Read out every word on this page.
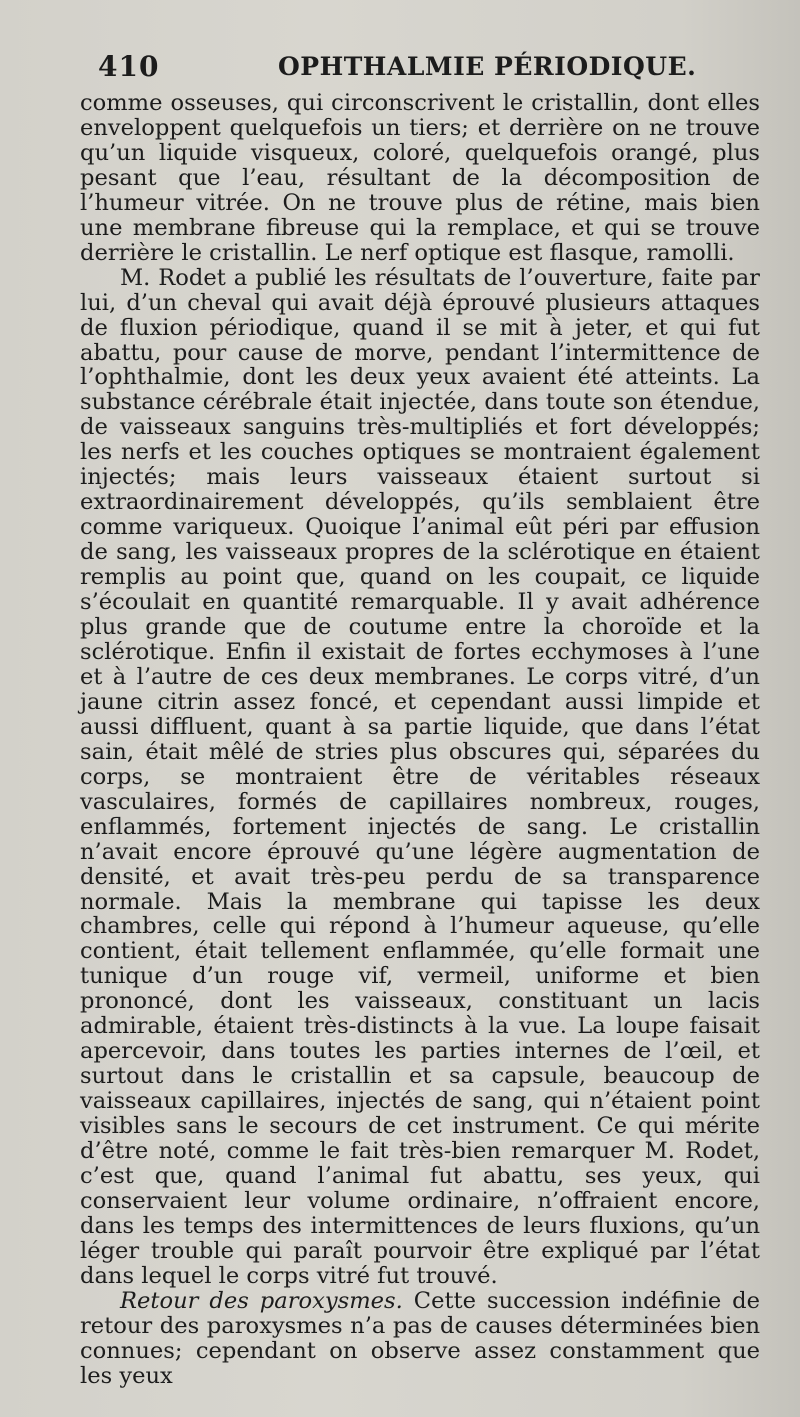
410	OPHTHALMIE PÉRIODIQUE.

comme osseuses, qui circonscrivent le cristallin, dont elles enveloppent quelquefois un tiers; et derrière on ne trouve qu’un liquide visqueux, coloré, quelquefois orangé, plus pesant que l’eau, résultant de la décomposition de l’humeur vitrée. On ne trouve plus de rétine, mais bien une membrane fibreuse qui la remplace, et qui se trouve derrière le cristallin. Le nerf optique est flasque, ramolli.

M. Rodet a publié les résultats de l’ouverture, faite par lui, d’un cheval qui avait déjà éprouvé plusieurs attaques de fluxion périodique, quand il se mit à jeter, et qui fut abattu, pour cause de morve, pendant l’intermittence de l’ophthalmie, dont les deux yeux avaient été atteints. La substance cérébrale était injectée, dans toute son étendue, de vaisseaux sanguins très-multipliés et fort développés; les nerfs et les couches optiques se montraient également injectés; mais leurs vaisseaux étaient surtout si extraordinairement développés, qu’ils semblaient être comme variqueux. Quoique l’animal eût péri par effusion de sang, les vaisseaux propres de la sclérotique en étaient remplis au point que, quand on les coupait, ce liquide s’écoulait en quantité remarquable. Il y avait adhérence plus grande que de coutume entre la choroïde et la sclérotique. Enfin il existait de fortes ecchymoses à l’une et à l’autre de ces deux membranes. Le corps vitré, d’un jaune citrin assez foncé, et cependant aussi limpide et aussi diffluent, quant à sa partie liquide, que dans l’état sain, était mêlé de stries plus obscures qui, séparées du corps, se montraient être de véritables réseaux vasculaires, formés de capillaires nombreux, rouges, enflammés, fortement injectés de sang. Le cristallin n’avait encore éprouvé qu’une légère augmentation de densité, et avait très-peu perdu de sa transparence normale. Mais la membrane qui tapisse les deux chambres, celle qui répond à l’humeur aqueuse, qu’elle contient, était tellement enflammée, qu’elle formait une tunique d’un rouge vif, vermeil, uniforme et bien prononcé, dont les vaisseaux, constituant un lacis admirable, étaient très-distincts à la vue. La loupe faisait apercevoir, dans toutes les parties internes de l’œil, et surtout dans le cristallin et sa capsule, beaucoup de vaisseaux capillaires, injectés de sang, qui n’étaient point visibles sans le secours de cet instrument. Ce qui mérite d’être noté, comme le fait très-bien remarquer M. Rodet, c’est que, quand l’animal fut abattu, ses yeux, qui conservaient leur volume ordinaire, n’offraient encore, dans les temps des intermittences de leurs fluxions, qu’un léger trouble qui paraît pourvoir être expliqué par l’état dans lequel le corps vitré fut trouvé.

Retour des paroxysmes. Cette succession indéfinie de retour des paroxysmes n’a pas de causes déterminées bien connues; cependant on observe assez constamment que les yeux
